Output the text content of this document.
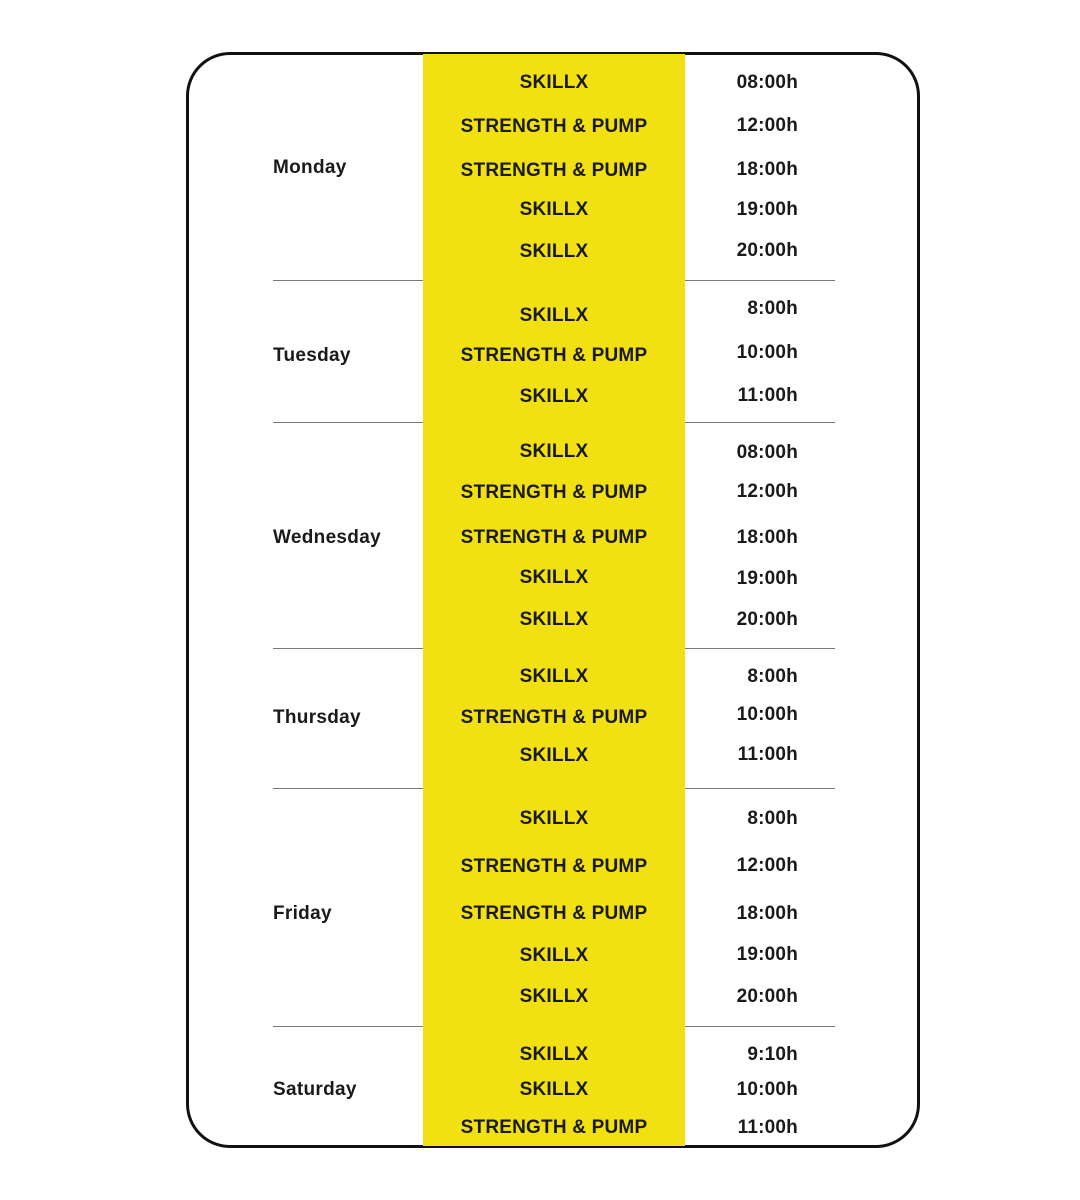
Monday
SKILLX	08:00h
STRENGTH & PUMP	12:00h
STRENGTH & PUMP	18:00h
SKILLX	19:00h
SKILLX	20:00h
Tuesday
SKILLX	8:00h
STRENGTH & PUMP	10:00h
SKILLX	11:00h
Wednesday
SKILLX	08:00h
STRENGTH & PUMP	12:00h
STRENGTH & PUMP	18:00h
SKILLX	19:00h
SKILLX	20:00h
Thursday
SKILLX	8:00h
STRENGTH & PUMP	10:00h
SKILLX	11:00h
Friday
SKILLX	8:00h
STRENGTH & PUMP	12:00h
STRENGTH & PUMP	18:00h
SKILLX	19:00h
SKILLX	20:00h
Saturday
SKILLX	9:10h
SKILLX	10:00h
STRENGTH & PUMP	11:00h
